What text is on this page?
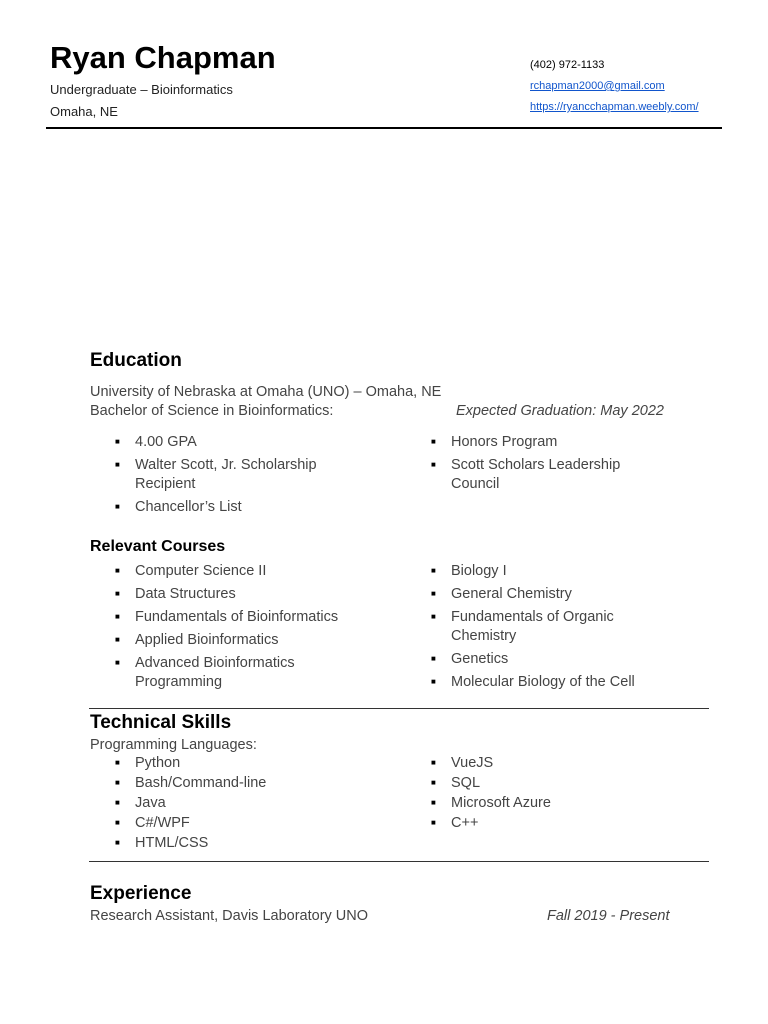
Ryan Chapman
Undergraduate – Bioinformatics
Omaha, NE
(402) 972-1133
rchapman2000@gmail.com
https://ryancchapman.weebly.com/
Education
University of Nebraska at Omaha (UNO) – Omaha, NE
Bachelor of Science in Bioinformatics:	Expected Graduation: May 2022
■ 4.00 GPA
■ Walter Scott, Jr. Scholarship Recipient
■ Chancellor’s List
■ Honors Program
■ Scott Scholars Leadership Council
Relevant Courses
■ Computer Science II
■ Data Structures
■ Fundamentals of Bioinformatics
■ Applied Bioinformatics
■ Advanced Bioinformatics Programming
■ Biology I
■ General Chemistry
■ Fundamentals of Organic Chemistry
■ Genetics
■ Molecular Biology of the Cell
Technical Skills
Programming Languages:
■ Python
■ Bash/Command-line
■ Java
■ C#/WPF
■ HTML/CSS
■ VueJS
■ SQL
■ Microsoft Azure
■ C++
Experience
Research Assistant, Davis Laboratory UNO	Fall 2019 - Present
